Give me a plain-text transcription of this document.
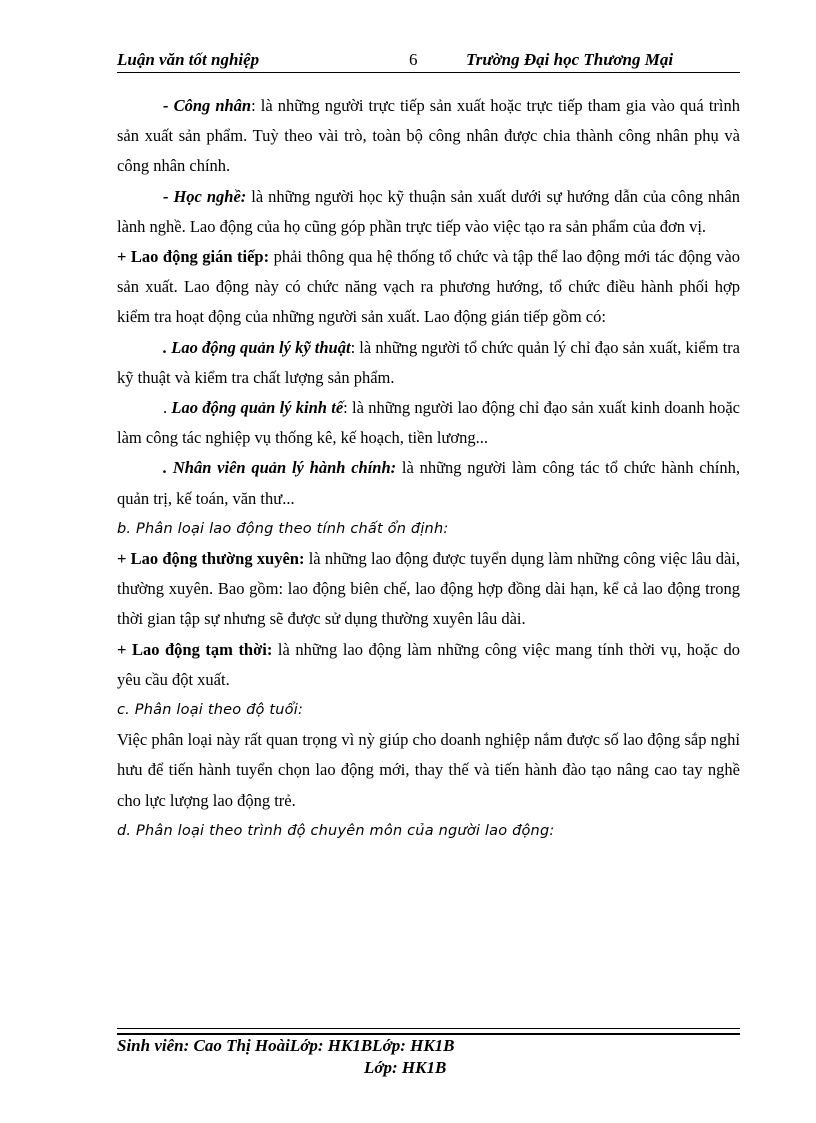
Luận văn tốt nghiệp	6	Trường Đại học Thương Mại

- Công nhân: là những người trực tiếp sản xuất hoặc trực tiếp tham gia vào quá trình sản xuất sản phẩm. Tuỳ theo vài trò, toàn bộ công nhân được chia thành công nhân phụ và công nhân chính.

- Học nghề: là những người học kỹ thuận sản xuất dưới sự hướng dẫn của công nhân lành nghề. Lao động của họ cũng góp phần trực tiếp vào việc tạo ra sản phẩm của đơn vị.

+ Lao động gián tiếp: phải thông qua hệ thống tổ chức và tập thể lao động mới tác động vào sản xuất. Lao động này có chức năng vạch ra phương hướng, tổ chức điều hành phối hợp kiểm tra hoạt động của những người sản xuất. Lao động gián tiếp gồm có:

. Lao động quản lý kỹ thuật: là những người tổ chức quản lý chỉ đạo sản xuất, kiểm tra kỹ thuật và kiểm tra chất lượng sản phẩm.

. Lao động quản lý kinh tế: là những người lao động chỉ đạo sản xuất kinh doanh hoặc làm công tác nghiệp vụ thống kê, kế hoạch, tiền lương...

. Nhân viên quản lý hành chính: là những người làm công tác tổ chức hành chính, quản trị, kế toán, văn thư...

b. Phân loại lao động theo tính chất ổn định:

+ Lao động thường xuyên: là những lao động được tuyển dụng làm những công việc lâu dài, thường xuyên. Bao gồm: lao động biên chế, lao động hợp đồng dài hạn, kể cả lao động trong thời gian tập sự nhưng sẽ được sử dụng thường xuyên lâu dài.

+ Lao động tạm thời: là những lao động làm những công việc mang tính thời vụ, hoặc do yêu cầu đột xuất.

c. Phân loại theo độ tuổi:

Việc phân loại này rất quan trọng vì nỳ giúp cho doanh nghiệp nắm được số lao động sắp nghỉ hưu để tiến hành tuyển chọn lao động mới, thay thế và tiến hành đào tạo nâng cao tay nghề cho lực lượng lao động trẻ.

d. Phân loại theo trình độ chuyên môn của người lao động:

Sinh viên: Cao Thị HoàiLớp: HK1BLớp: HK1B
Lớp: HK1B
